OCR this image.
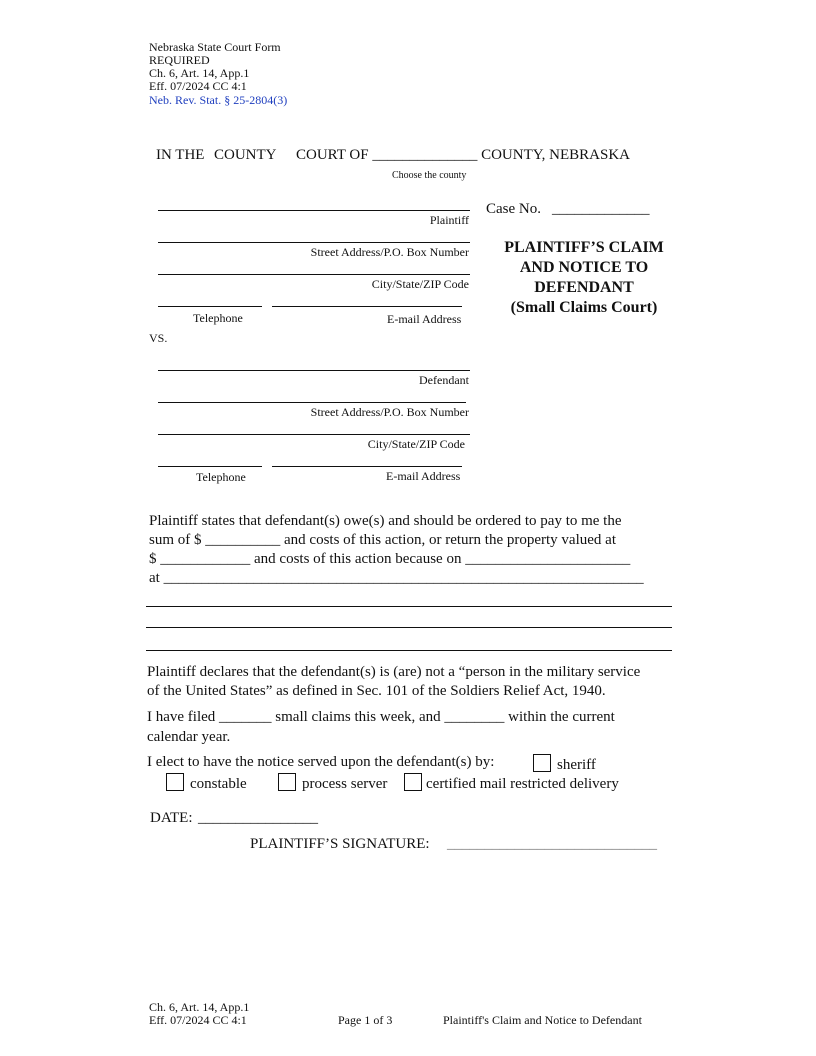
Nebraska State Court Form
REQUIRED
Ch. 6, Art. 14, App.1
Eff. 07/2024 CC 4:1
Neb. Rev. Stat. § 25-2804(3)
IN THE COUNTY COURT OF ______________ COUNTY, NEBRASKA
Choose the county
Case No. _____________
PLAINTIFF’S CLAIM
AND NOTICE TO
DEFENDANT
(Small Claims Court)
Plaintiff
Street Address/P.O. Box Number
City/State/ZIP Code
Telephone	E-mail Address
VS.
Defendant
Street Address/P.O. Box Number
City/State/ZIP Code
Telephone	E-mail Address
Plaintiff states that defendant(s) owe(s) and should be ordered to pay to me the
sum of $ __________ and costs of this action, or return the property valued at
$ ____________ and costs of this action because on ______________________
at ________________________________________________________________
Plaintiff declares that the defendant(s) is (are) not a “person in the military service
of the United States” as defined in Sec. 101 of the Soldiers Relief Act, 1940.
I have filed _______ small claims this week, and ________ within the current
calendar year.
I elect to have the notice served upon the defendant(s) by:	sheriff
constable	process server	certified mail restricted delivery
DATE: ________________
PLAINTIFF’S SIGNATURE: ____________________________
Ch. 6, Art. 14, App.1
Eff. 07/2024 CC 4:1	Page 1 of 3	Plaintiff's Claim and Notice to Defendant
